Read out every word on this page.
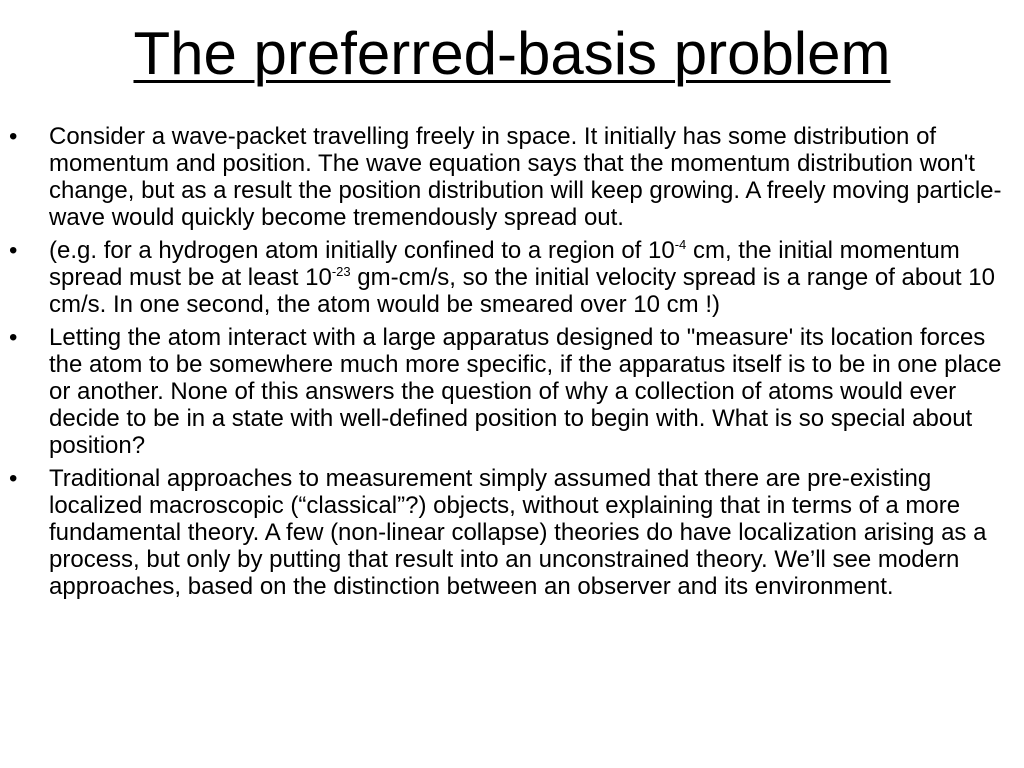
The preferred-basis problem
• Consider a wave-packet travelling freely in space. It initially has some distribution of momentum and position. The wave equation says that the momentum distribution won't change, but as a result the position distribution will keep growing. A freely moving particle-wave would quickly become tremendously spread out.
• (e.g. for a hydrogen atom initially confined to a region of $10^{-4}$ cm, the initial momentum spread must be at least $10^{-23}$ gm-cm/s, so the initial velocity spread is a range of about 10 cm/s. In one second, the atom would be smeared over 10 cm !)
• Letting the atom interact with a large apparatus designed to "measure' its location forces the atom to be somewhere much more specific, if the apparatus itself is to be in one place or another. None of this answers the question of why a collection of atoms would ever decide to be in a state with well-defined position to begin with. What is so special about position?
• Traditional approaches to measurement simply assumed that there are pre-existing localized macroscopic (“classical”?) objects, without explaining that in terms of a more fundamental theory. A few (non-linear collapse) theories do have localization arising as a process, but only by putting that result into an unconstrained theory. We’ll see modern approaches, based on the distinction between an observer and its environment.
